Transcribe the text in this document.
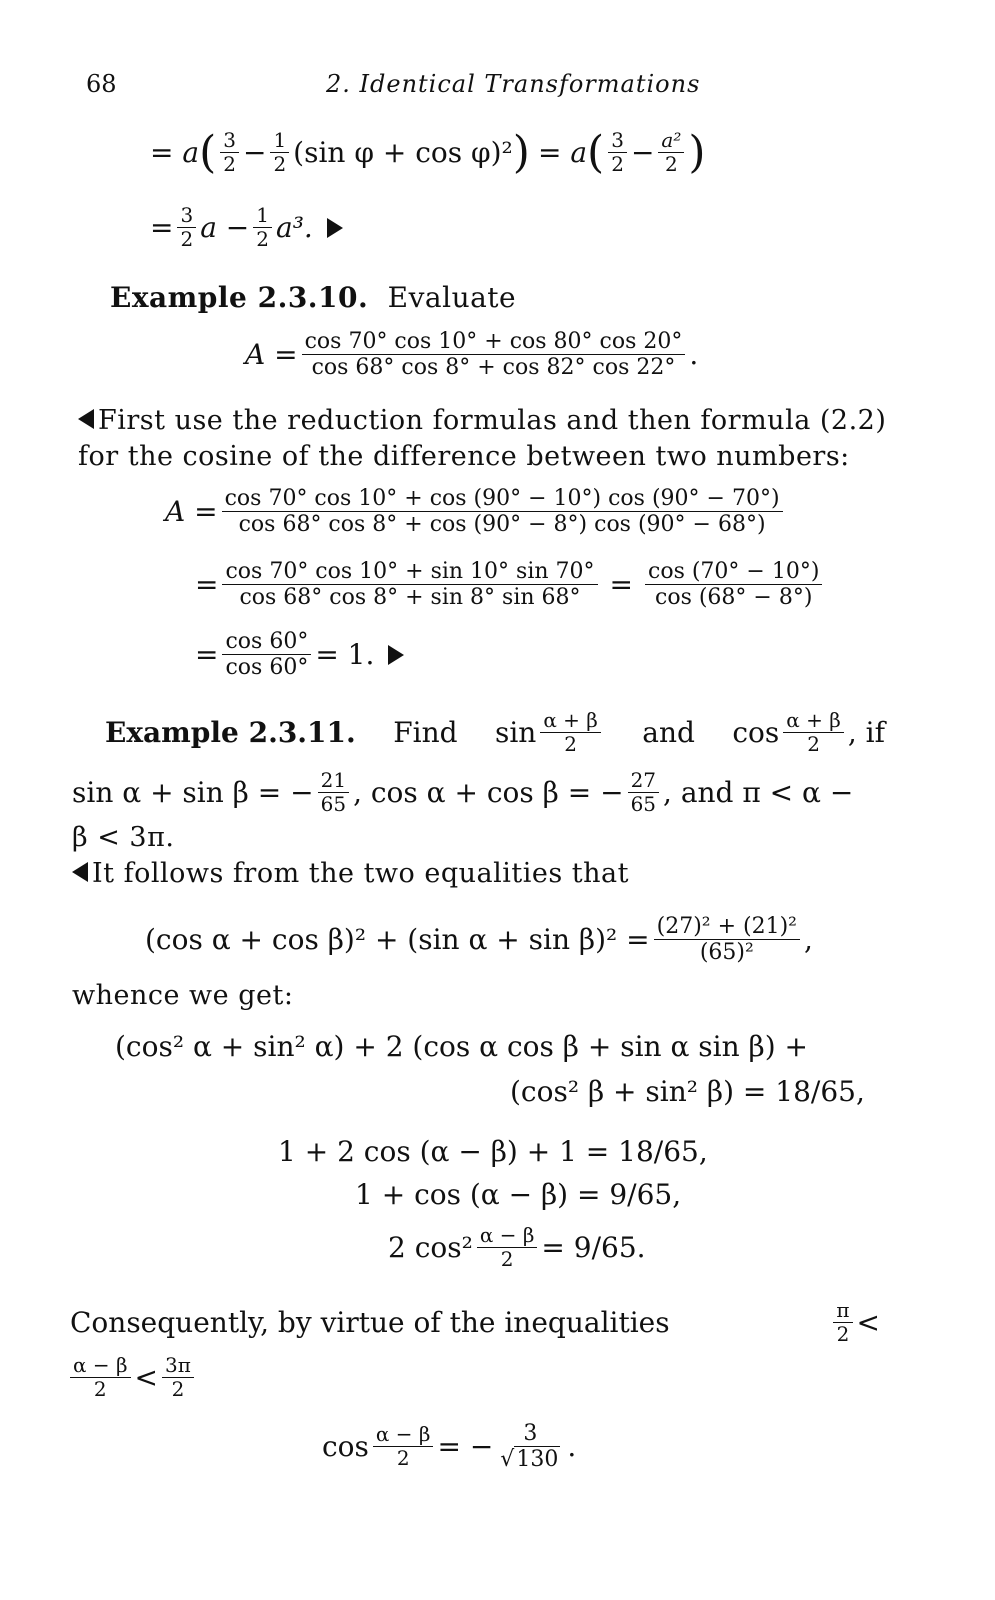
68	2. Identical Transformations
= a ( $\frac{3}{2} - \frac{1}{2} (\sin$ φ + cos φ)² ) = a ( $\frac{3}{2} - \frac{\text{a²}}{2}$ )
= $\frac{3}{2}$ $a - \frac{1}{2} a^3$.
Example 2.3.10. Evaluate
$A = \frac{\cos 70^\circ \cos 10^\circ + \cos 80^\circ \cos 20^\circ}{\cos 68^\circ \cos 8^\circ + \cos 82^\circ \cos 22^\circ}$ .
First use the reduction formulas and then formula (2.2)
for the cosine of the difference between two numbers:
$A = \frac{\cos 70^\circ \cos 10^\circ + \cos (90^\circ - 10^\circ) \cos (90^\circ - 70^\circ)}{\cos 68^\circ \cos 8^\circ + \cos (90^\circ - 8^\circ) \cos (90^\circ - 68^\circ)}$
= $\frac{\cos 70^\circ \cos 10^\circ + \sin 10^\circ \sin 70^\circ}{\cos 68^\circ \cos 8^\circ + \sin 8^\circ \sin 68^\circ} = \frac{\cos (70^\circ - 10^\circ)}{\cos (68^\circ - 8^\circ)}$
= $\frac{\cos 60^\circ}{\cos 60^\circ} = 1$.
Example 2.3.11. Find $\sin \frac{\alpha + \beta}{2}$ and $\cos \frac{\alpha + \beta}{2}$ , if
sin α + sin β = − $\frac{21}{65}$ , cos α + cos β = − $\frac{27}{65}$ , and π < α −
β < 3π.
It follows from the two equalities that
(cos α + cos β)² + (sin $\alpha + \sin \beta)^2 = \frac{\text{(27)² + (21)²}}{\text{(65)²}}$ ,
whence we get:
(cos² α + sin² α) + 2 (cos α cos β + sin α sin β) +
(cos² β + sin² β) = 18/65,
1 + 2 cos (α − β) + 1 = 18/65,
1 + cos (α − β) = 9/65,
2 $\cos^2 \frac{\alpha - \beta}{2} = 9/65$.
Consequently, by virtue of the inequalities	$\frac{\pi}{2}$ <
$\frac{\alpha - \beta}{2} < \frac{3\pi}{2}$
$\cos \frac{\alpha - \beta}{2}$ = − $\frac{3}{√130}$ .
